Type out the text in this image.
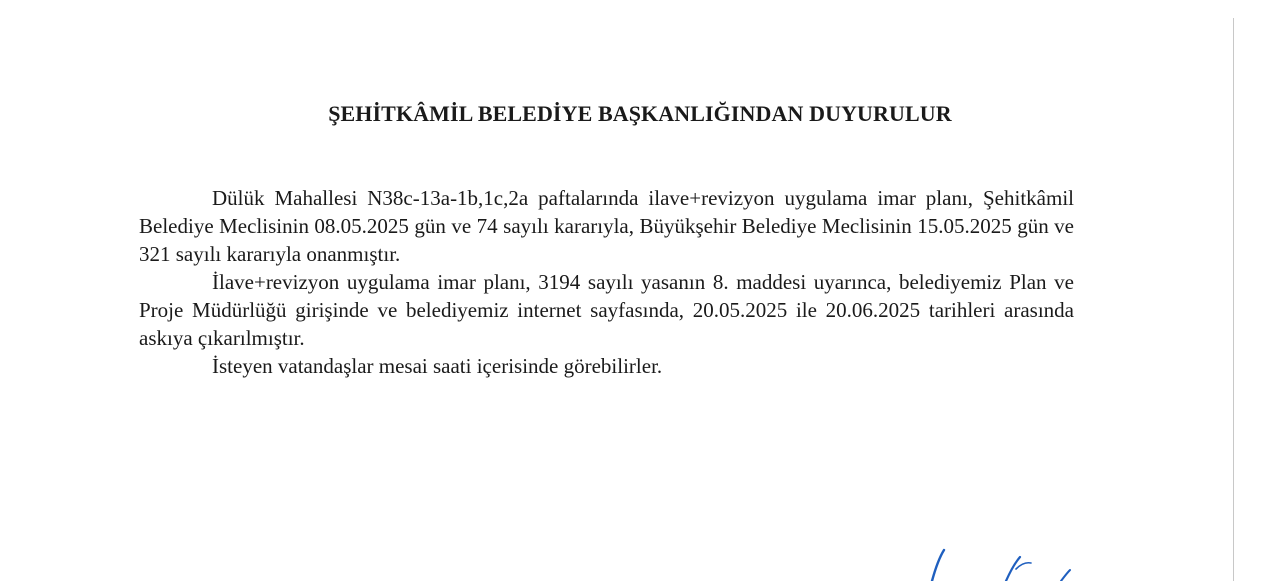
ŞEHİTKÂMİL BELEDİYE BAŞKANLIĞINDAN DUYURULUR

Dülük Mahallesi N38c-13a-1b,1c,2a paftalarında ilave+revizyon uygulama imar planı, Şehitkâmil Belediye Meclisinin 08.05.2025 gün ve 74 sayılı kararıyla, Büyükşehir Belediye Meclisinin 15.05.2025 gün ve 321 sayılı kararıyla onanmıştır.

İlave+revizyon uygulama imar planı, 3194 sayılı yasanın 8. maddesi uyarınca, belediyemiz Plan ve Proje Müdürlüğü girişinde ve belediyemiz internet sayfasında, 20.05.2025 ile 20.06.2025 tarihleri arasında askıya çıkarılmıştır.

İsteyen vatandaşlar mesai saati içerisinde görebilirler.
